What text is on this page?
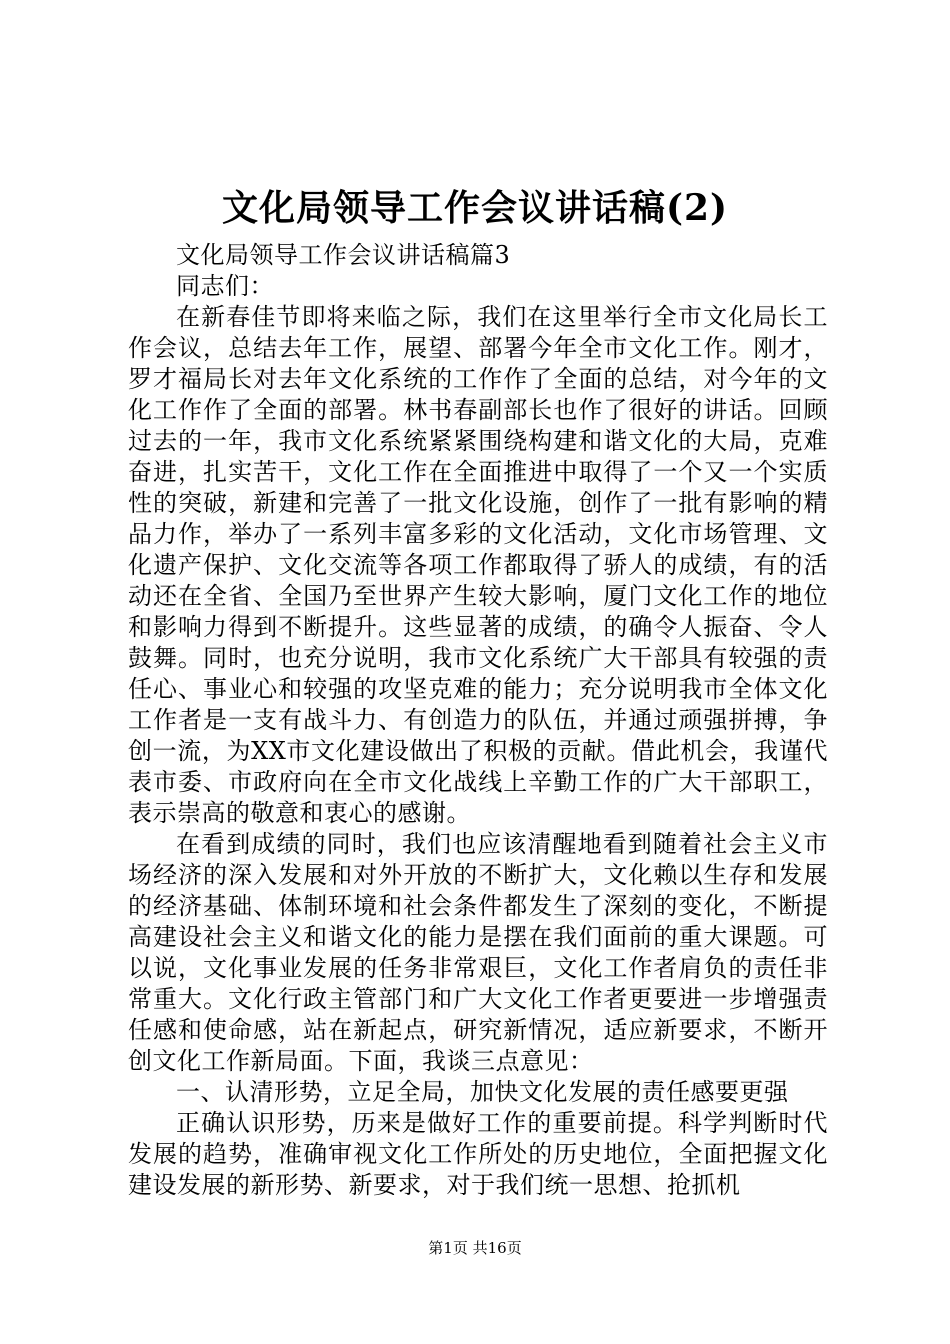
文化局领导工作会议讲话稿(2)

文化局领导工作会议讲话稿篇3

同志们：

在新春佳节即将来临之际，我们在这里举行全市文化局长工作会议，总结去年工作，展望、部署今年全市文化工作。刚才，罗才福局长对去年文化系统的工作作了全面的总结，对今年的文化工作作了全面的部署。林书春副部长也作了很好的讲话。回顾过去的一年，我市文化系统紧紧围绕构建和谐文化的大局，克难奋进，扎实苦干，文化工作在全面推进中取得了一个又一个实质性的突破，新建和完善了一批文化设施，创作了一批有影响的精品力作，举办了一系列丰富多彩的文化活动，文化市场管理、文化遗产保护、文化交流等各项工作都取得了骄人的成绩，有的活动还在全省、全国乃至世界产生较大影响，厦门文化工作的地位和影响力得到不断提升。这些显著的成绩，的确令人振奋、令人鼓舞。同时，也充分说明，我市文化系统广大干部具有较强的责任心、事业心和较强的攻坚克难的能力；充分说明我市全体文化工作者是一支有战斗力、有创造力的队伍，并通过顽强拼搏，争创一流，为XX市文化建设做出了积极的贡献。借此机会，我谨代表市委、市政府向在全市文化战线上辛勤工作的广大干部职工，表示崇高的敬意和衷心的感谢。

在看到成绩的同时，我们也应该清醒地看到随着社会主义市场经济的深入发展和对外开放的不断扩大，文化赖以生存和发展的经济基础、体制环境和社会条件都发生了深刻的变化，不断提高建设社会主义和谐文化的能力是摆在我们面前的重大课题。可以说，文化事业发展的任务非常艰巨，文化工作者肩负的责任非常重大。文化行政主管部门和广大文化工作者更要进一步增强责任感和使命感，站在新起点，研究新情况，适应新要求，不断开创文化工作新局面。下面，我谈三点意见：

一、认清形势，立足全局，加快文化发展的责任感要更强

正确认识形势，历来是做好工作的重要前提。科学判断时代发展的趋势，准确审视文化工作所处的历史地位，全面把握文化建设发展的新形势、新要求，对于我们统一思想、抢抓机

第1页 共16页
